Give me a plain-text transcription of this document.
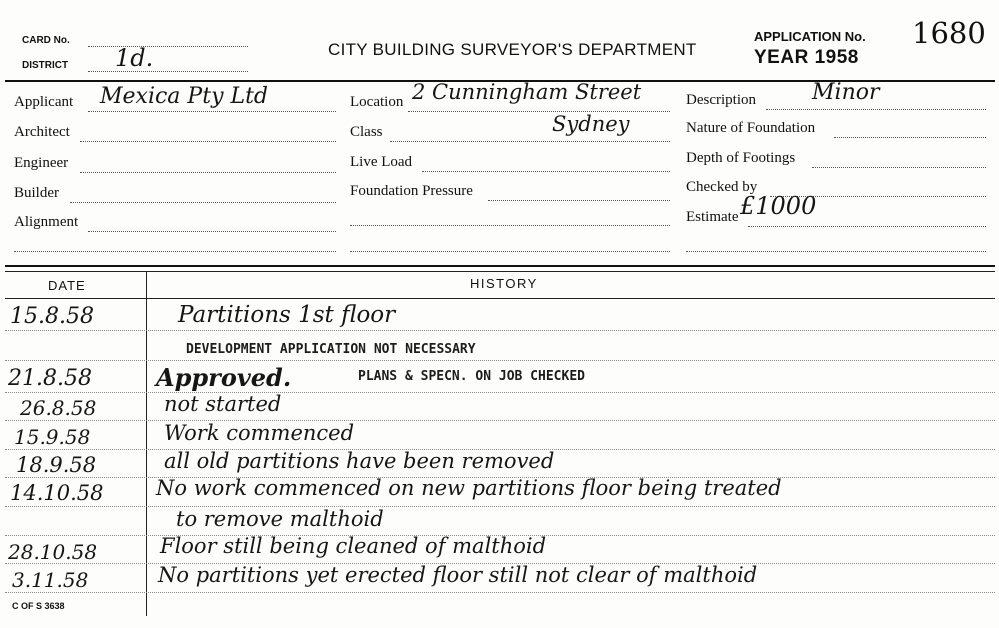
CARD No.
DISTRICT 1d.	CITY BUILDING SURVEYOR'S DEPARTMENT
APPLICATION No. 1680
YEAR 1958
Applicant Mexica Pty Ltd
Architect
Engineer
Builder
Alignment
Location 2 Cunningham Street
Sydney
Class
Live Load
Foundation Pressure
Description	Minor
Nature of Foundation
Depth of Footings
Checked by
Estimate £1000
DATE	HISTORY
15.8.58	Partitions 1st floor
DEVELOPMENT APPLICATION NOT NECESSARY
21.8.58	Approved.	PLANS & SPECN. ON JOB CHECKED
26.8.58	not started
15.9.58	Work commenced
18.9.58	all old partitions have been removed
14.10.58 No work commenced on new partitions floor being treated
to remove malthoid
28.10.58	Floor still being cleaned of malthoid
3.11.58	No partitions yet erected floor still not clear of malthoid
C OF S 3638
